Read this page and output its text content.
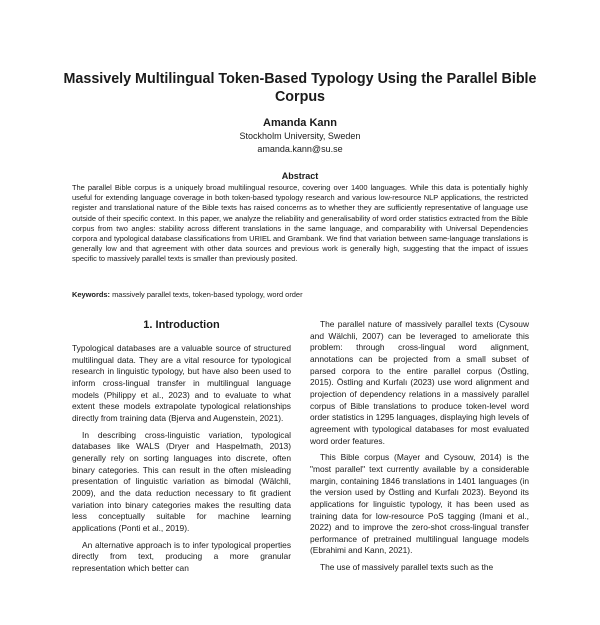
Massively Multilingual Token-Based Typology Using the Parallel Bible Corpus
Amanda Kann
Stockholm University, Sweden
amanda.kann@su.se
Abstract

The parallel Bible corpus is a uniquely broad multilingual resource, covering over 1400 languages. While this data is potentially highly useful for extending language coverage in both token-based typology research and various low-resource NLP applications, the restricted register and translational nature of the Bible texts has raised concerns as to whether they are sufficiently representative of language use outside of their specific context. In this paper, we analyze the reliability and generalisability of word order statistics extracted from the Bible corpus from two angles: stability across different translations in the same language, and comparability with Universal Dependencies corpora and typological database classifications from URIEL and Grambank. We find that variation between same-language translations is generally low and that agreement with other data sources and previous work is generally high, suggesting that the impact of issues specific to massively parallel texts is smaller than previously posited.

Keywords: massively parallel texts, token-based typology, word order

1. Introduction

Typological databases are a valuable source of structured multilingual data. They are a vital resource for typological research in linguistic typology, but have also been used to inform cross-lingual transfer in multilingual language models (Philippy et al., 2023) and to evaluate to what extent these models extrapolate typological relationships directly from training data (Bjerva and Augenstein, 2021).

In describing cross-linguistic variation, typological databases like WALS (Dryer and Haspelmath, 2013) generally rely on sorting languages into discrete, often binary categories. This can result in the often misleading presentation of linguistic variation as bimodal (Wälchli, 2009), and the data reduction necessary to fit gradient variation into binary categories makes the resulting data less conceptually suitable for machine learning applications (Ponti et al., 2019).

An alternative approach is to infer typological properties directly from text, producing a more granular representation which better can

The parallel nature of massively parallel texts (Cysouw and Wälchli, 2007) can be leveraged to ameliorate this problem: through cross-lingual word alignment, annotations can be projected from a small subset of parsed corpora to the entire parallel corpus (Östling, 2015). Östling and Kurfalı (2023) use word alignment and projection of dependency relations in a massively parallel corpus of Bible translations to produce token-level word order statistics in 1295 languages, displaying high levels of agreement with typological databases for most evaluated word order features.

This Bible corpus (Mayer and Cysouw, 2014) is the "most parallel" text currently available by a considerable margin, containing 1846 translations in 1401 languages (in the version used by Östling and Kurfalı 2023). Beyond its applications for linguistic typology, it has been used as training data for low-resource PoS tagging (Imani et al., 2022) and to improve the zero-shot cross-lingual transfer performance of pretrained multilingual language models (Ebrahimi and Kann, 2021).

The use of massively parallel texts such as the
